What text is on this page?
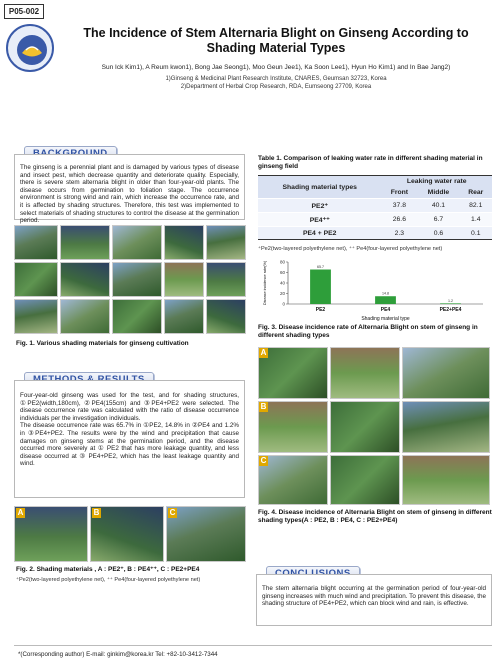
P05-002
The Incidence of Stem Alternaria Blight on Ginseng According to Shading Material Types
Sun Ick Kim1), A Reum kwon1), Bong Jae Seong1), Moo Geun Jee1), Ka Soon Lee1), Hyun Ho Kim1) and In Bae Jang2)
1)Ginseng & Medicinal Plant Research Institute, CNARES, Geumsan 32723, Korea
2)Department of Herbal Crop Research, RDA, Eumseong 27709, Korea
The ginseng is a perennial plant and is damaged by various types of disease and insect pest, which decrease quantity and deteriorate quality. Especially, there is severe stem alternaria blight in older than four-year-old plants. The disease occurs from germination to foliation stage. The occurrence environment is strong wind and rain, which increase the occurrence rate, and it is affected by shading structures. Therefore, this test was implemented to select materials of shading structures to control the disease at the germination period.
Fig. 1. Various shading materials for ginseng cultivation
Four-year-old ginseng was used for the test, and for shading structures, ①PE2(width,180cm), ②PE4(155cm) and ③PE4+PE2 were selected. The disease occurrence rate was calculated with the ratio of disease occurrence individuals per the investigation individuals.
The disease occurrence rate was 65.7% in ①PE2, 14.8% in ②PE4 and 1.2% in ③PE4+PE2. The results were by the wind and precipitation that cause damages on ginseng stems at the germination period, and the disease occurred more severely at ① PE2 that has more leakage quantity, and less disease occurred at ③ PE4+PE2, which has the least leakage quantity and wind.
A	B	C
Fig. 2. Shading materials , A : PE2⁺, B : PE4⁺⁺, C : PE2+PE4
⁺Pe2(two-layered polyethylene net), ⁺⁺ Pe4(four-layered polyethylene net)
Table 1. Comparison of leaking water rate in different shading material in ginseng field
Shading material types	Leaking water rate		
	Front	Middle	Rear
PE2⁺	37.8	40.1	82.1
PE4⁺⁺	26.6	6.7	1.4
PE4 + PE2	2.3	0.6	0.1
⁺Pe2(two-layered polyethylene net), ⁺⁺ Pe4(four-layered polyethylene net)
0
20
40
60
80
65.7
PE2
14.8
PE4
1.2
PE2+PE4
Shading material type
Disease incidence rate(%)
Fig. 3. Disease incidence rate of Alternaria Blight on stem of ginseng in different shading types
A
B
C
Fig. 4. Disease incidence of Alternaria Blight on stem of ginseng in different shading types(A : PE2, B : PE4, C : PE2+PE4)
The stem alternaria blight occurring at the germination period of four-year-old ginseng increases with much wind and precipitation. To prevent this disease, the shading structure of PE4+PE2, which can block wind and rain, is effective.
*(Corresponding author) E-mail: ginkim@korea.kr Tel: +82-10-3412-7344
